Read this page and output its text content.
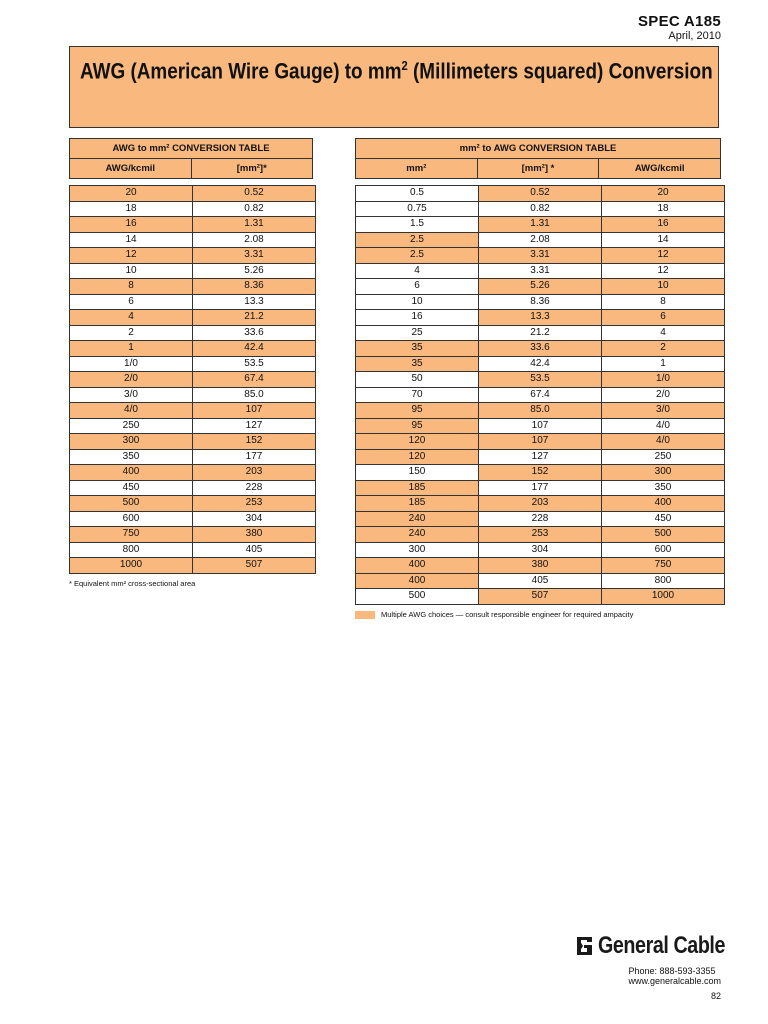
SPEC A185
April, 2010
AWG (American Wire Gauge) to $mm^2$ (Millimeters squared) Conversion
AWG to mm² CONVERSION TABLE
AWG/kcmil	[mm²]*
20	0.52
18	0.82
16	1.31
14	2.08
12	3.31
10	5.26
8	8.36
6	13.3
4	21.2
2	33.6
1	42.4
1/0	53.5
2/0	67.4
3/0	85.0
4/0	107
250	127
300	152
350	177
400	203
450	228
500	253
600	304
750	380
800	405
1000	507
* Equivalent mm² cross-sectional area
mm² to AWG CONVERSION TABLE
mm²	[mm²] *	AWG/kcmil
0.5	0.52	20
0.75	0.82	18
1.5	1.31	16
2.5	2.08	14
2.5	3.31	12
4	3.31	12
6	5.26	10
10	8.36	8
16	13.3	6
25	21.2	4
35	33.6	2
35	42.4	1
50	53.5	1/0
70	67.4	2/0
95	85.0	3/0
95	107	4/0
120	107	4/0
120	127	250
150	152	300
185	177	350
185	203	400
240	228	450
240	253	500
300	304	600
400	380	750
400	405	800
500	507	1000
Multiple AWG choices — consult responsible engineer for required ampacity
General Cable
Phone: 888-593-3355
www.generalcable.com
82
